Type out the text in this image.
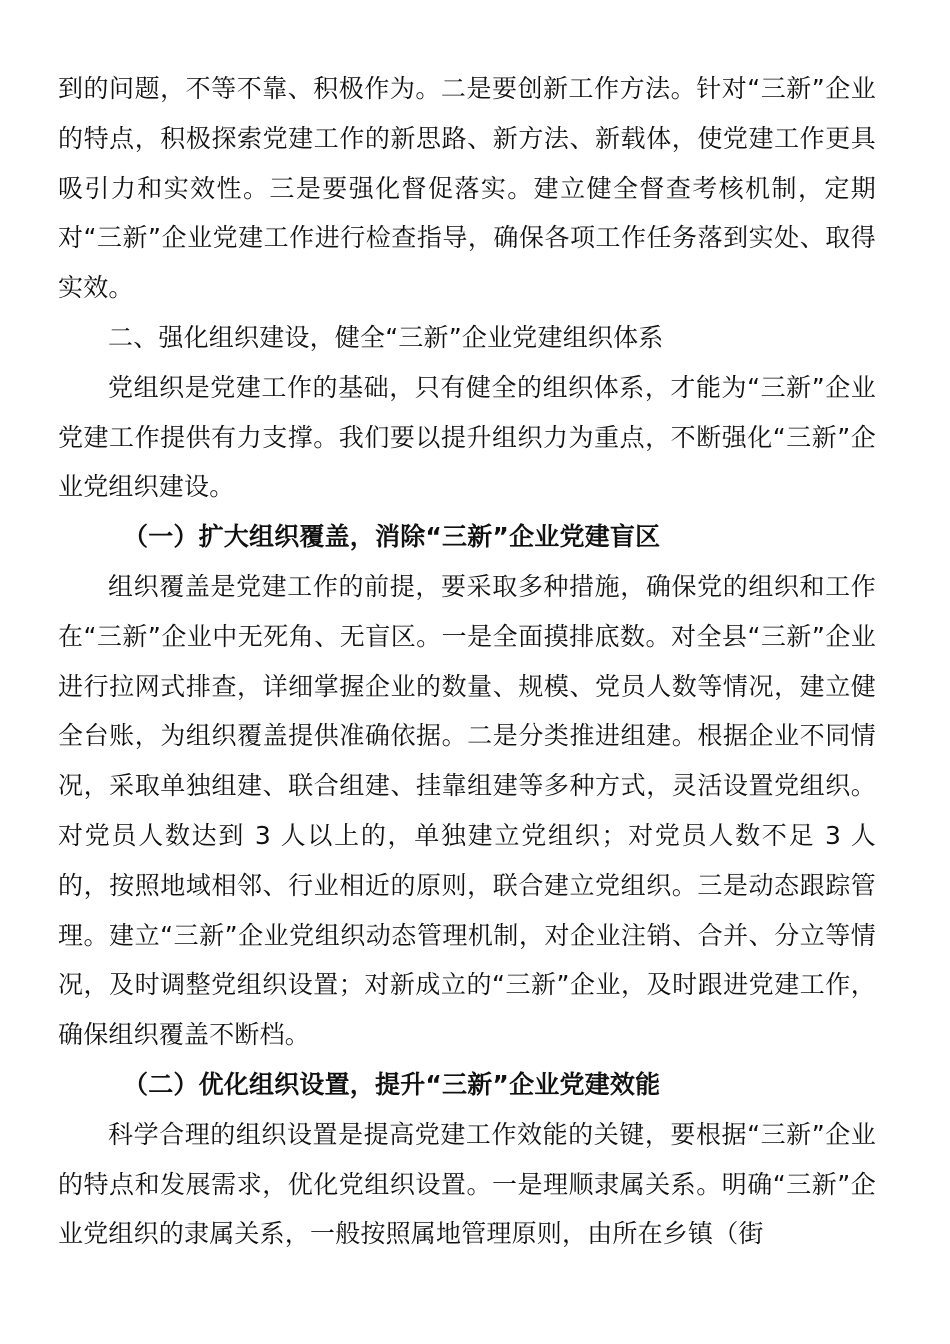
到的问题，不等不靠、积极作为。二是要创新工作方法。针对“三新”企业的特点，积极探索党建工作的新思路、新方法、新载体，使党建工作更具吸引力和实效性。三是要强化督促落实。建立健全督查考核机制，定期对“三新”企业党建工作进行检查指导，确保各项工作任务落到实处、取得实效。

二、强化组织建设，健全“三新”企业党建组织体系

党组织是党建工作的基础，只有健全的组织体系，才能为“三新”企业党建工作提供有力支撑。我们要以提升组织力为重点，不断强化“三新”企业党组织建设。

（一）扩大组织覆盖，消除“三新”企业党建盲区

组织覆盖是党建工作的前提，要采取多种措施，确保党的组织和工作在“三新”企业中无死角、无盲区。一是全面摸排底数。对全县“三新”企业进行拉网式排查，详细掌握企业的数量、规模、党员人数等情况，建立健全台账，为组织覆盖提供准确依据。二是分类推进组建。根据企业不同情况，采取单独组建、联合组建、挂靠组建等多种方式，灵活设置党组织。对党员人数达到 3 人以上的，单独建立党组织；对党员人数不足 3 人的，按照地域相邻、行业相近的原则，联合建立党组织。三是动态跟踪管理。建立“三新”企业党组织动态管理机制，对企业注销、合并、分立等情况，及时调整党组织设置；对新成立的“三新”企业，及时跟进党建工作，确保组织覆盖不断档。

（二）优化组织设置，提升“三新”企业党建效能

科学合理的组织设置是提高党建工作效能的关键，要根据“三新”企业的特点和发展需求，优化党组织设置。一是理顺隶属关系。明确“三新”企业党组织的隶属关系，一般按照属地管理原则，由所在乡镇（街
